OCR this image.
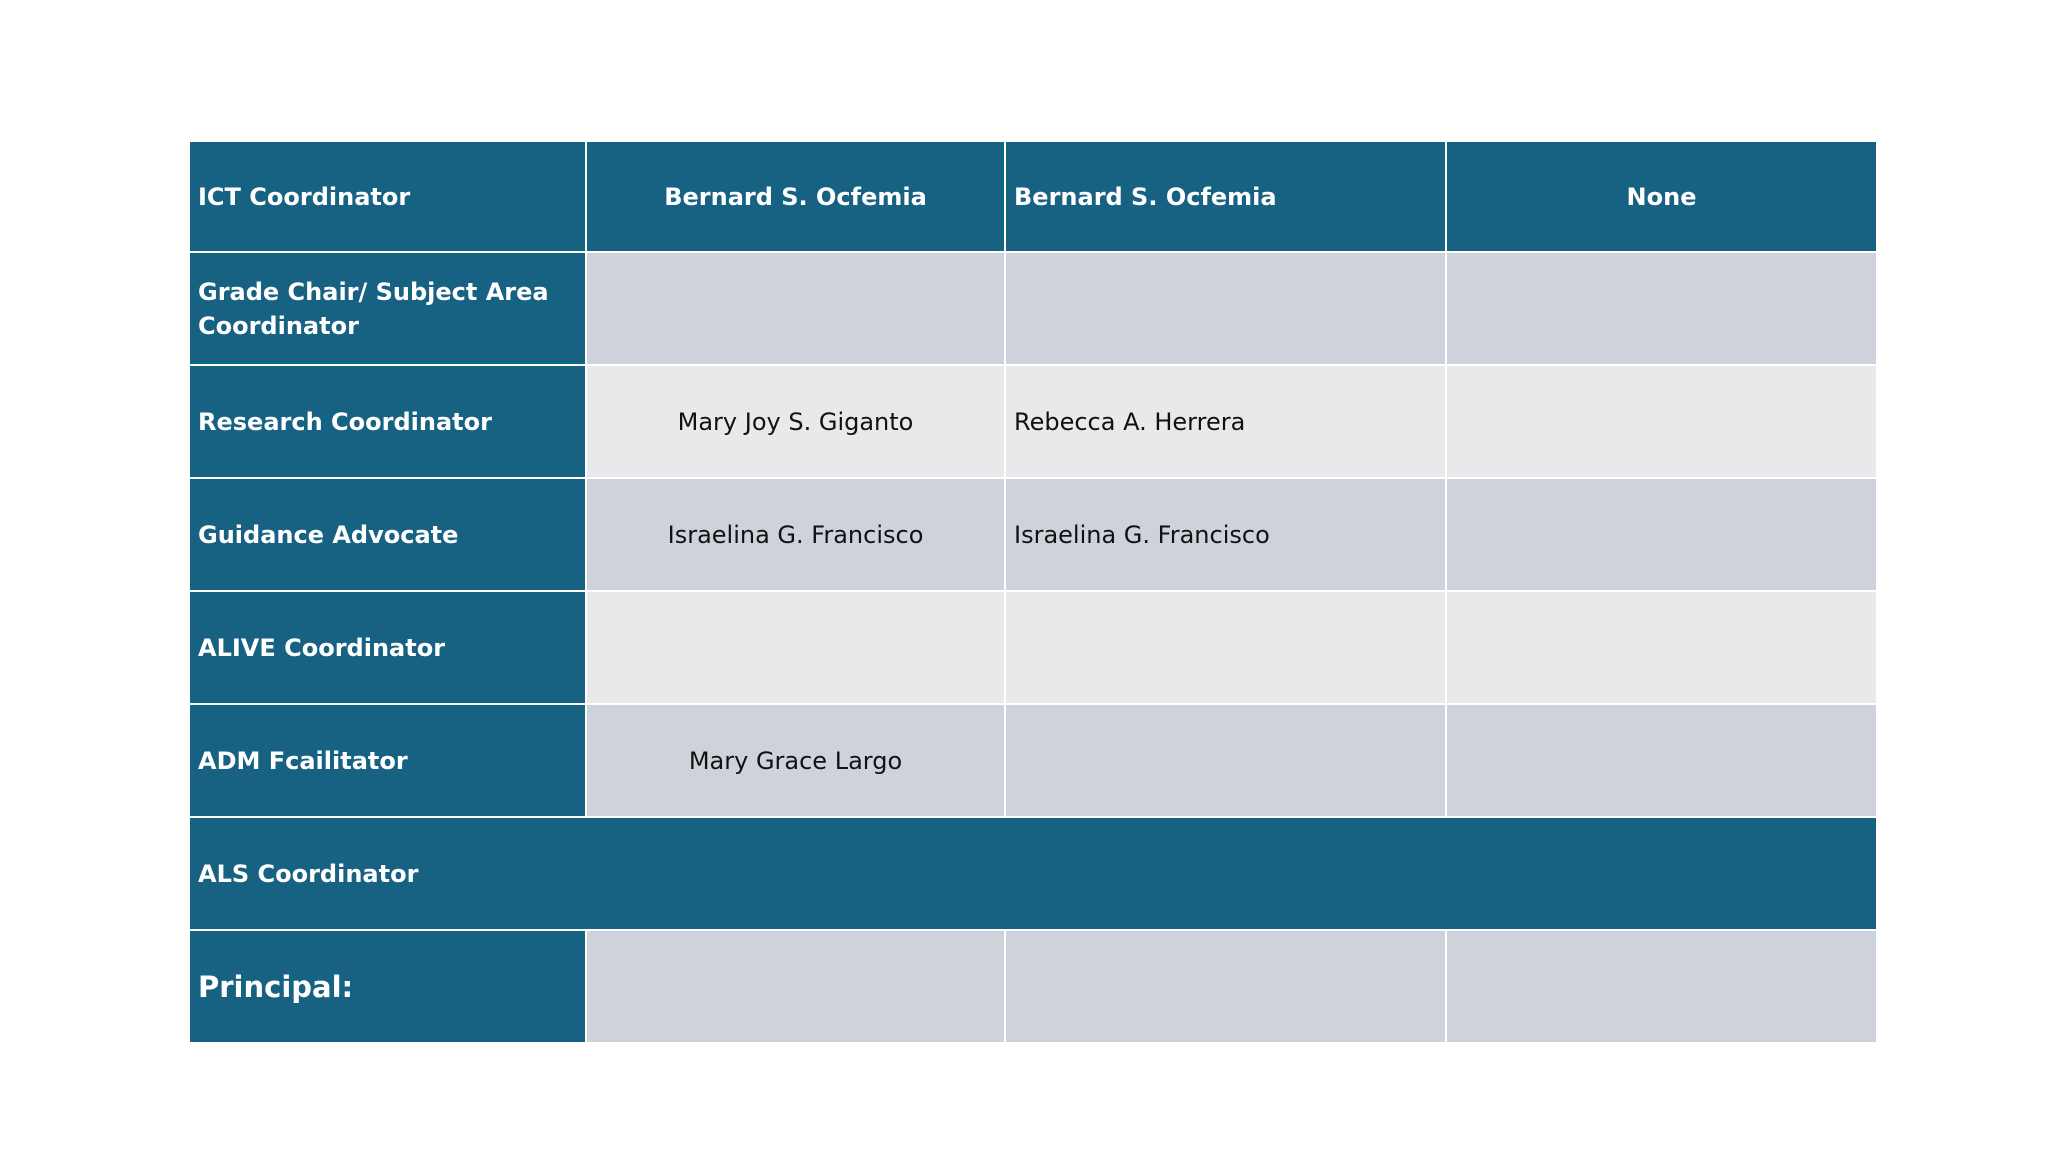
ICT Coordinator	Bernard S. Ocfemia	Bernard S. Ocfemia	None
Grade Chair/ Subject Area Coordinator			
Research Coordinator	Mary Joy S. Giganto	Rebecca A. Herrera	
Guidance Advocate	Israelina G. Francisco	Israelina G. Francisco	
ALIVE Coordinator			
ADM Fcailitator	Mary Grace Largo		
ALS Coordinator			
Principal:			
